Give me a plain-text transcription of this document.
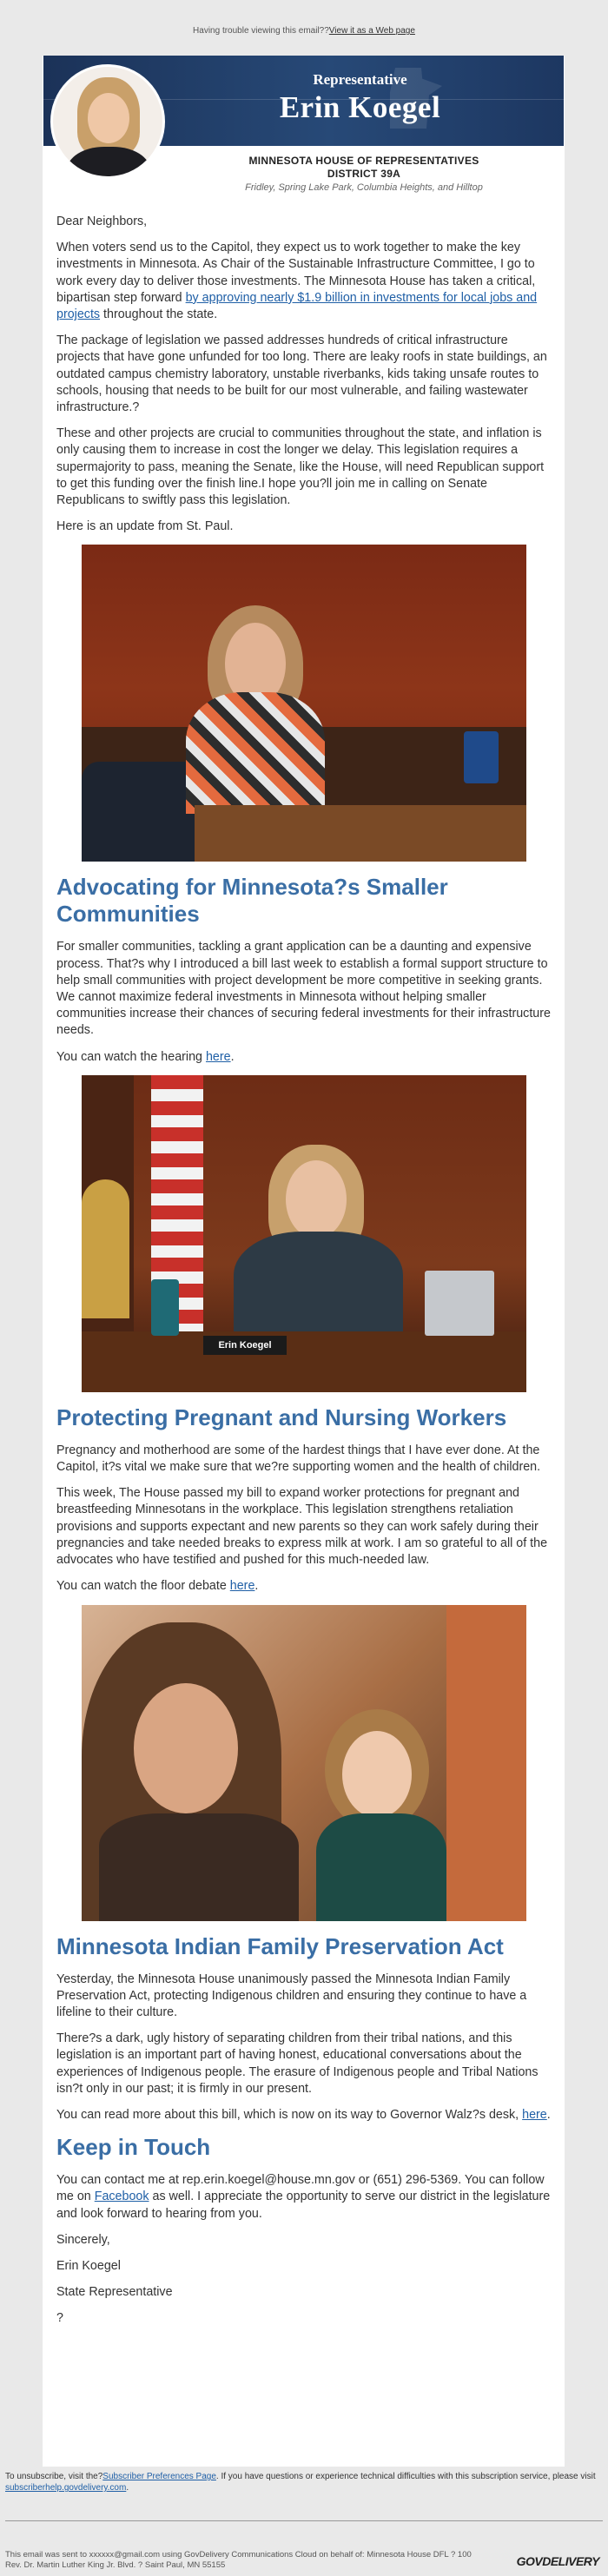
Having trouble viewing this email??View it as a Web page
Representative
Erin Koegel
MINNESOTA HOUSE OF REPRESENTATIVES
DISTRICT 39A
Fridley, Spring Lake Park, Columbia Heights, and Hilltop

Dear Neighbors,

When voters send us to the Capitol, they expect us to work together to make the key investments in Minnesota. As Chair of the Sustainable Infrastructure Committee, I go to work every day to deliver those investments. The Minnesota House has taken a critical, bipartisan step forward by approving nearly $1.9 billion in investments for local jobs and projects throughout the state.

The package of legislation we passed addresses hundreds of critical infrastructure projects that have gone unfunded for too long. There are leaky roofs in state buildings, an outdated campus chemistry laboratory, unstable riverbanks, kids taking unsafe routes to schools, housing that needs to be built for our most vulnerable, and failing wastewater infrastructure.?

These and other projects are crucial to communities throughout the state, and inflation is only causing them to increase in cost the longer we delay. This legislation requires a supermajority to pass, meaning the Senate, like the House, will need Republican support to get this funding over the finish line.I hope you?ll join me in calling on Senate Republicans to swiftly pass this legislation.

Here is an update from St. Paul.

Advocating for Minnesota?s Smaller Communities

For smaller communities, tackling a grant application can be a daunting and expensive process. That?s why I introduced a bill last week to establish a formal support structure to help small communities with project development be more competitive in seeking grants. We cannot maximize federal investments in Minnesota without helping smaller communities increase their chances of securing federal investments for their infrastructure needs.

You can watch the hearing here.

Erin Koegel
Protecting Pregnant and Nursing Workers

Pregnancy and motherhood are some of the hardest things that I have ever done. At the Capitol, it?s vital we make sure that we?re supporting women and the health of children.

This week, The House passed my bill to expand worker protections for pregnant and breastfeeding Minnesotans in the workplace. This legislation strengthens retaliation provisions and supports expectant and new parents so they can work safely during their pregnancies and take needed breaks to express milk at work. I am so grateful to all of the advocates who have testified and pushed for this much-needed law.

You can watch the floor debate here.

Minnesota Indian Family Preservation Act

Yesterday, the Minnesota House unanimously passed the Minnesota Indian Family Preservation Act, protecting Indigenous children and ensuring they continue to have a lifeline to their culture.

There?s a dark, ugly history of separating children from their tribal nations, and this legislation is an important part of having honest, educational conversations about the experiences of Indigenous people. The erasure of Indigenous people and Tribal Nations isn?t only in our past; it is firmly in our present.

You can read more about this bill, which is now on its way to Governor Walz?s desk, here.

Keep in Touch

You can contact me at rep.erin.koegel@house.mn.gov or (651) 296-5369. You can follow me on Facebook as well. I appreciate the opportunity to serve our district in the legislature and look forward to hearing from you.

Sincerely,

Erin Koegel

State Representative

?

To unsubscribe, visit the?Subscriber Preferences Page. If you have questions or experience technical difficulties with this subscription service, please visit subscriberhelp.govdelivery.com.
This email was sent to xxxxxx@gmail.com using GovDelivery Communications Cloud on behalf of: Minnesota House DFL ? 100 Rev. Dr. Martin Luther King Jr. Blvd. ? Saint Paul, MN 55155	GOVDELIVERY
